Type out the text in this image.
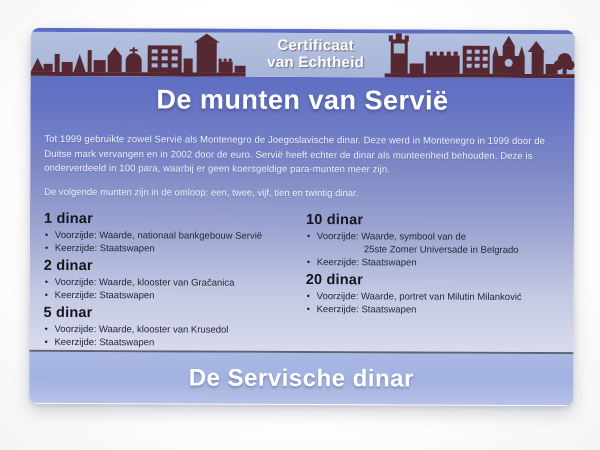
Certificaat
van Echtheid
De munten van Servië
Tot 1999 gebruikte zowel Servië als Montenegro de Joegoslavische dinar. Deze werd in Montenegro in 1999 door de Duitse mark vervangen en in 2002 door de euro. Servië heeft echter de dinar als munteenheid behouden. Deze is onderverdeeld in 100 para, waarbij er geen koersgeldige para-munten meer zijn.
De volgende munten zijn in de omloop: een, twee, vijf, tien en twintig dinar.
1 dinar
• Voorzijde: Waarde, nationaal bankgebouw Servië
• Keerzijde: Staatswapen
2 dinar
• Voorzijde: Waarde, klooster van Gračanica
• Keerzijde: Staatswapen
5 dinar
• Voorzijde: Waarde, klooster van Krusedol
• Keerzijde: Staatswapen
10 dinar
• Voorzijde: Waarde, symbool van de
25ste Zomer Universade in Belgrado
• Keerzijde: Staatswapen
20 dinar
• Voorzijde: Waarde, portret van Milutin Milanković
• Keerzijde: Staatswapen
De Servische dinar
